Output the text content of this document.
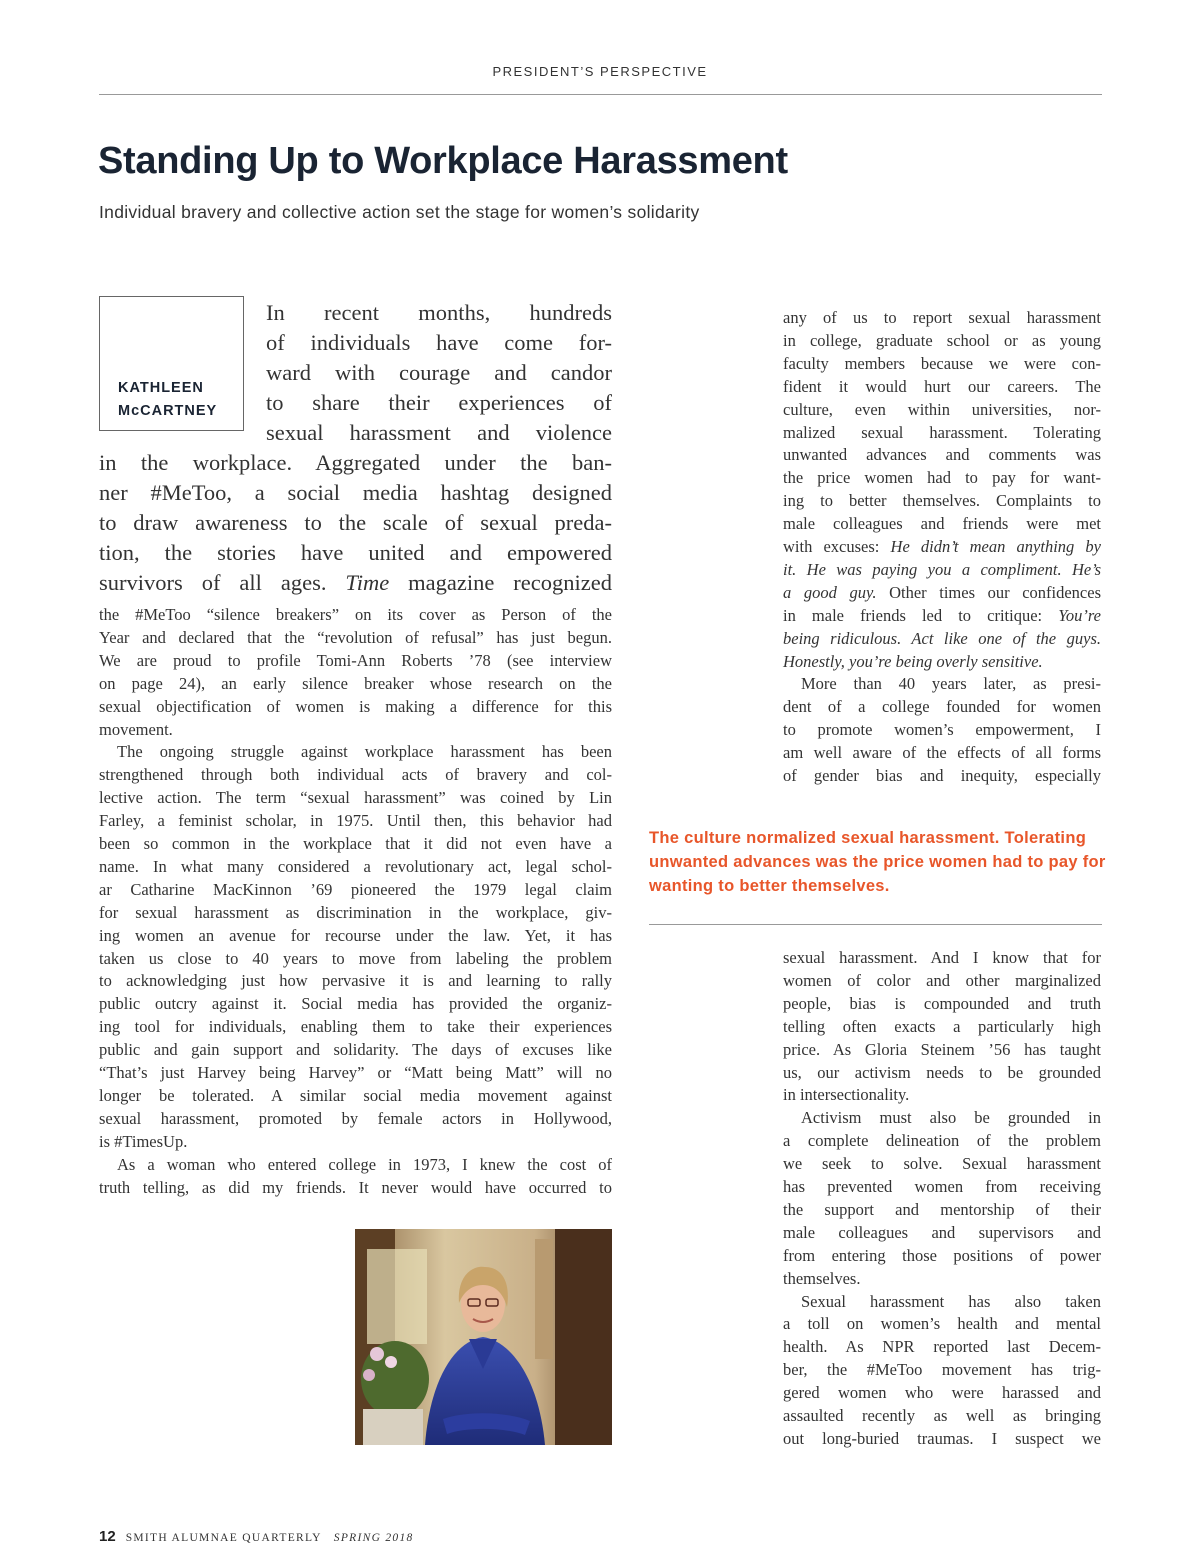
PRESIDENT’S PERSPECTIVE
Standing Up to Workplace Harassment

Individual bravery and collective action set the stage for women’s solidarity

KATHLEEN
McCARTNEY
In recent months, hundreds
of individuals have come for-
ward with courage and candor
to share their experiences of
sexual harassment and violence
in the workplace. Aggregated under the ban-
ner #MeToo, a social media hashtag designed
to draw awareness to the scale of sexual preda-
tion, the stories have united and empowered
survivors of all ages. Time magazine recognized
the #MeToo “silence breakers” on its cover as Person of the
Year and declared that the “revolution of refusal” has just begun.
We are proud to profile Tomi-Ann Roberts ’78 (see interview
on page 24), an early silence breaker whose research on the
sexual objectification of women is making a difference for this
movement.
The ongoing struggle against workplace harassment has been
strengthened through both individual acts of bravery and col-
lective action. The term “sexual harassment” was coined by Lin
Farley, a feminist scholar, in 1975. Until then, this behavior had
been so common in the workplace that it did not even have a
name. In what many considered a revolutionary act, legal schol-
ar Catharine MacKinnon ’69 pioneered the 1979 legal claim
for sexual harassment as discrimination in the workplace, giv-
ing women an avenue for recourse under the law. Yet, it has
taken us close to 40 years to move from labeling the problem
to acknowledging just how pervasive it is and learning to rally
public outcry against it. Social media has provided the organiz-
ing tool for individuals, enabling them to take their experiences
public and gain support and solidarity. The days of excuses like
“That’s just Harvey being Harvey” or “Matt being Matt” will no
longer be tolerated. A similar social media movement against
sexual harassment, promoted by female actors in Hollywood,
is #TimesUp.
As a woman who entered college in 1973, I knew the cost of
truth telling, as did my friends. It never would have occurred to
any of us to report sexual harassment
in college, graduate school or as young
faculty members because we were con-
fident it would hurt our careers. The
culture, even within universities, nor-
malized sexual harassment. Tolerating
unwanted advances and comments was
the price women had to pay for want-
ing to better themselves. Complaints to
male colleagues and friends were met
with excuses: He didn’t mean anything by
it. He was paying you a compliment. He’s
a good guy. Other times our confidences
in male friends led to critique: You’re
being ridiculous. Act like one of the guys.
Honestly, you’re being overly sensitive.
More than 40 years later, as presi-
dent of a college founded for women
to promote women’s empowerment, I
am well aware of the effects of all forms
of gender bias and inequity, especially
The culture normalized sexual harassment. Tolerating unwanted advances was the price women had to pay for wanting to better themselves.
sexual harassment. And I know that for
women of color and other marginalized
people, bias is compounded and truth
telling often exacts a particularly high
price. As Gloria Steinem ’56 has taught
us, our activism needs to be grounded
in intersectionality.
Activism must also be grounded in
a complete delineation of the problem
we seek to solve. Sexual harassment
has prevented women from receiving
the support and mentorship of their
male colleagues and supervisors and
from entering those positions of power
themselves.
Sexual harassment has also taken
a toll on women’s health and mental
health. As NPR reported last Decem-
ber, the #MeToo movement has trig-
gered women who were harassed and
assaulted recently as well as bringing
out long-buried traumas. I suspect we
12 SMITH ALUMNAE QUARTERLY SPRING 2018
